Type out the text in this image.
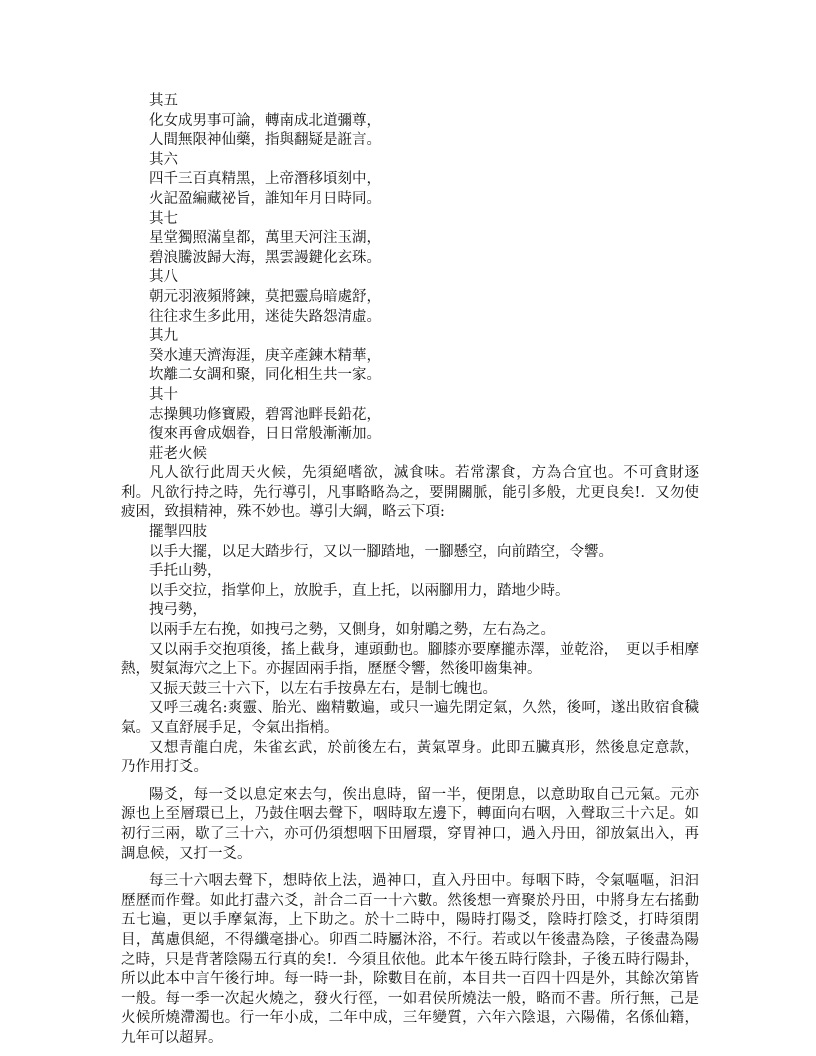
其五
化女成男事可論，轉南成北道彌尊，
人間無限神仙藥，指與翻疑是誑言。
其六
四千三百真精黑，上帝潛移頃刻中，
火記盈編藏祕旨，誰知年月日時同。
其七
星堂獨照滿皇都，萬里天河注玉湖，
碧浪騰波歸大海，黑雲謾鍵化玄珠。
其八
朝元羽液頻將鍊，莫把靈烏暗處舒，
往往求生多此用，迷徒失路怨清虛。
其九
癸水連天濟海涯，庚辛產鍊木精華，
坎離二女調和聚，同化相生共一家。
其十
志操興功修寶殿，碧霄池畔長鉛花，
復來再會成姻眷，日日常般漸漸加。
莊老火候

凡人欲行此周天火候，先須絕嗜欲，滅食味。若常潔食，方為合宜也。不可貪財逐利。凡欲行持之時，先行導引，凡事略略為之，要開關脈，能引多般，尤更良矣!．又勿使疲困，致損精神，殊不妙也。導引大綱，略云下項:

擺掣四肢
以手大擺，以足大踏步行，又以一腳踏地，一腳懸空，向前踏空，令響。
手托山勢，
以手交拉，指掌仰上，放脫手，直上托，以兩腳用力，踏地少時。
拽弓勢，
以兩手左右挽，如拽弓之勢，又側身，如射鵰之勢，左右為之。

又以兩手交抱項後，搖上截身，連頭動也。腳膝亦要摩攏赤澤，並乾浴，　更以手相摩熱，熨氣海穴之上下。亦握固兩手指，歷歷令響，然後叩齒集神。

又振天鼓三十六下，以左右手按鼻左右，是制七魄也。

又呼三魂名:爽靈、胎光、幽精數遍，或只一遍先閉定氣，久然，後呵，遂出敗宿食穢氣。又直舒展手足，令氣出指梢。

又想青龍白虎，朱雀玄武，於前後左右，黃氣罩身。此即五臟真形，然後息定意款，乃作用打爻。

陽爻，每一爻以息定來去勻，俟出息時，留一半，便閉息，以意助取自己元氣。元亦源也上至層環已上，乃鼓住咽去聲下，咽時取左邊下，轉面向右咽，入聲取三十六足。如初行三兩，歇了三十六，亦可仍須想咽下田層環，穿胃神口，過入丹田，卻放氣出入，再調息候，又打一爻。

每三十六咽去聲下，想時依上法，過神口，直入丹田中。每咽下時，令氣嘔嘔，汩汩歷歷而作聲。如此打盡六爻，計合二百一十六數。然後想一齊聚於丹田，中將身左右搖動五七遍，更以手摩氣海，上下助之。於十二時中，陽時打陽爻，陰時打陰爻，打時須閉目，萬慮俱絕，不得纖毫掛心。卯酉二時屬沐浴，不行。若或以午後盡為陰，子後盡為陽之時，只是背著陰陽五行真的矣!．今須且依他。此本午後五時行陰卦，子後五時行陽卦，所以此本中言午後行坤。每一時一卦，除數目在前，本目共一百四十四是外，其餘次第皆一般。每一季一次起火燒之，發火行徑，一如君侯所燒法一般，略而不書。所行無，己是火候所燒滯濁也。行一年小成，二年中成，三年變質，六年六陰退，六陽備，名係仙籍，九年可以超昇。
